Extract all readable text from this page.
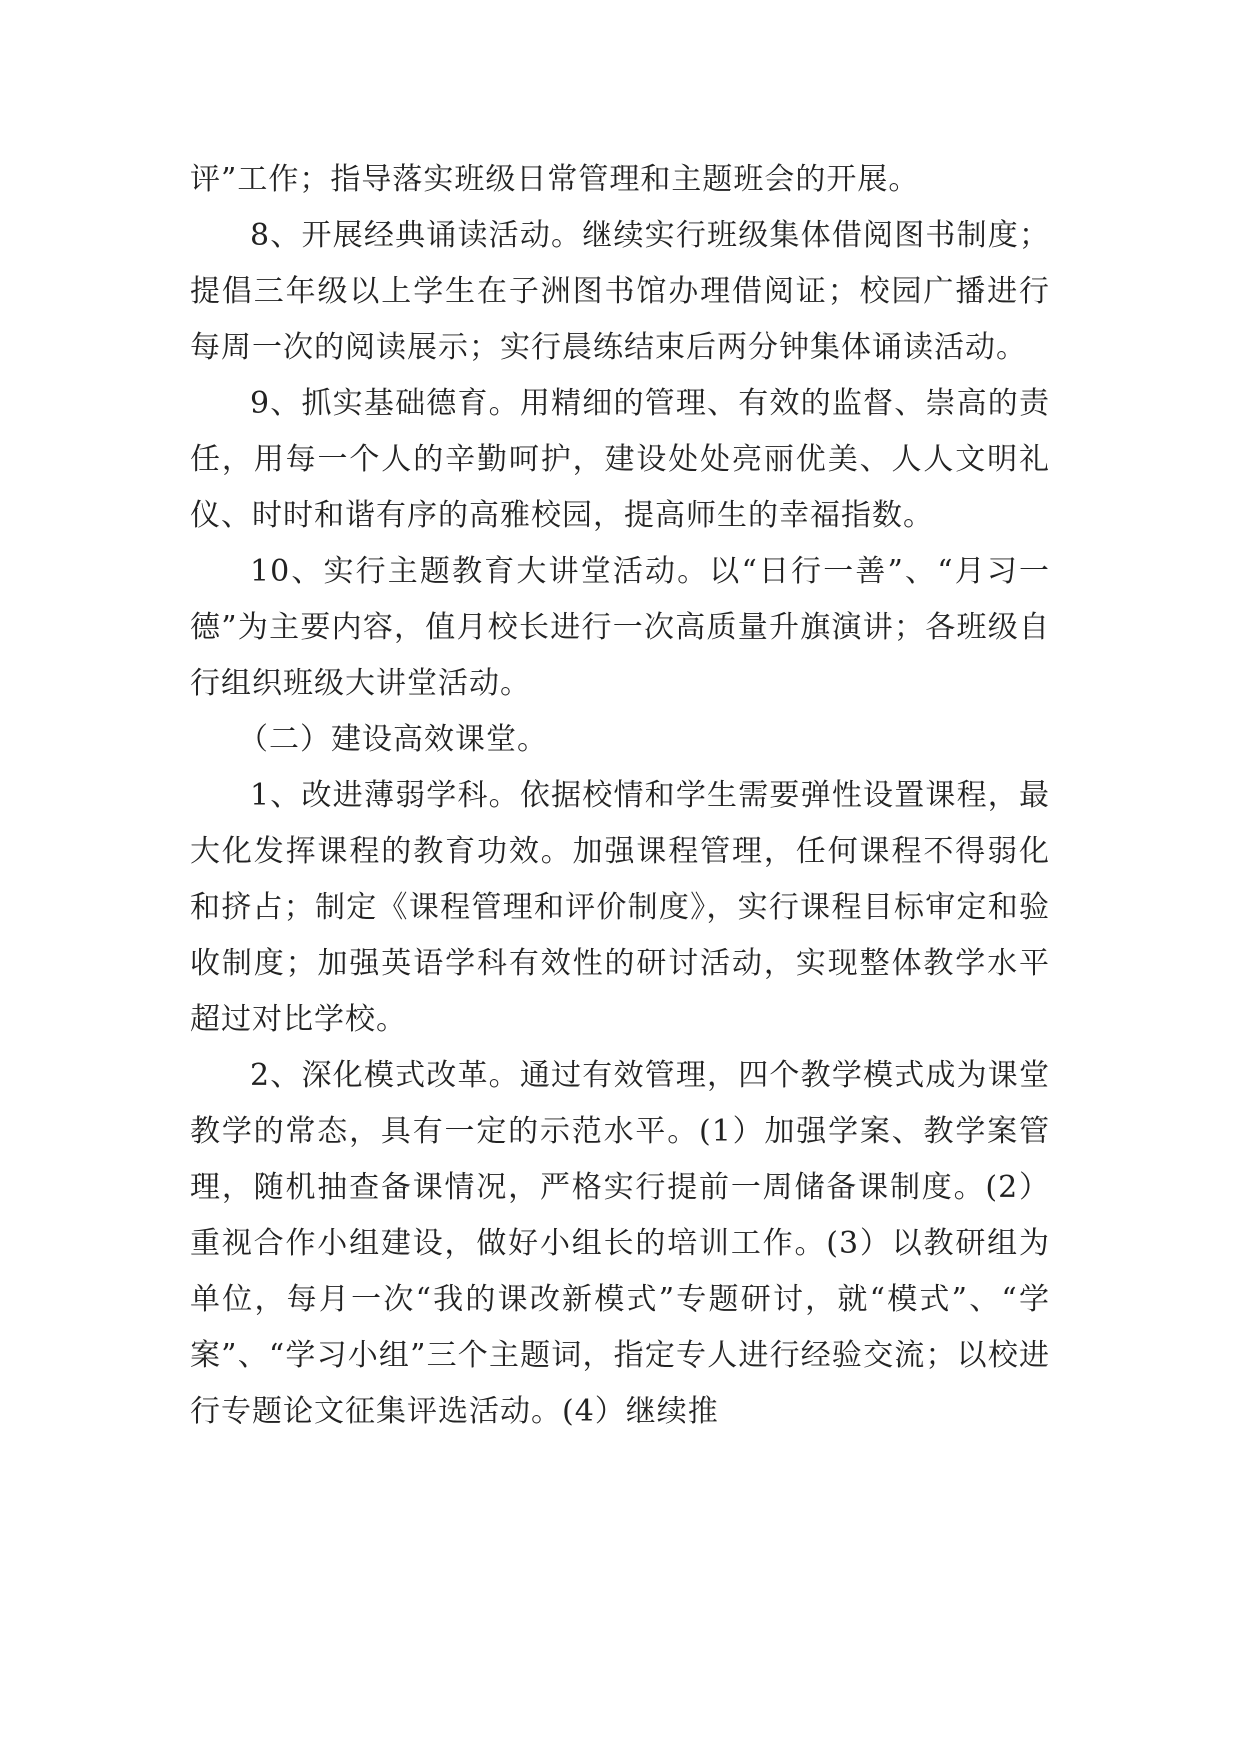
评”工作；指导落实班级日常管理和主题班会的开展。

8、开展经典诵读活动。继续实行班级集体借阅图书制度；提倡三年级以上学生在子洲图书馆办理借阅证；校园广播进行每周一次的阅读展示；实行晨练结束后两分钟集体诵读活动。

9、抓实基础德育。用精细的管理、有效的监督、崇高的责任，用每一个人的辛勤呵护，建设处处亮丽优美、人人文明礼仪、时时和谐有序的高雅校园，提高师生的幸福指数。

10、实行主题教育大讲堂活动。以“日行一善”、“月习一德”为主要内容，值月校长进行一次高质量升旗演讲；各班级自行组织班级大讲堂活动。

（二）建设高效课堂。

1、改进薄弱学科。依据校情和学生需要弹性设置课程，最大化发挥课程的教育功效。加强课程管理，任何课程不得弱化和挤占；制定《课程管理和评价制度》，实行课程目标审定和验收制度；加强英语学科有效性的研讨活动，实现整体教学水平超过对比学校。

2、深化模式改革。通过有效管理，四个教学模式成为课堂教学的常态，具有一定的示范水平。(1）加强学案、教学案管理，随机抽查备课情况，严格实行提前一周储备课制度。(2）重视合作小组建设，做好小组长的培训工作。(3）以教研组为单位，每月一次“我的课改新模式”专题研讨，就“模式”、“学案”、“学习小组”三个主题词，指定专人进行经验交流；以校进行专题论文征集评选活动。(4）继续推
